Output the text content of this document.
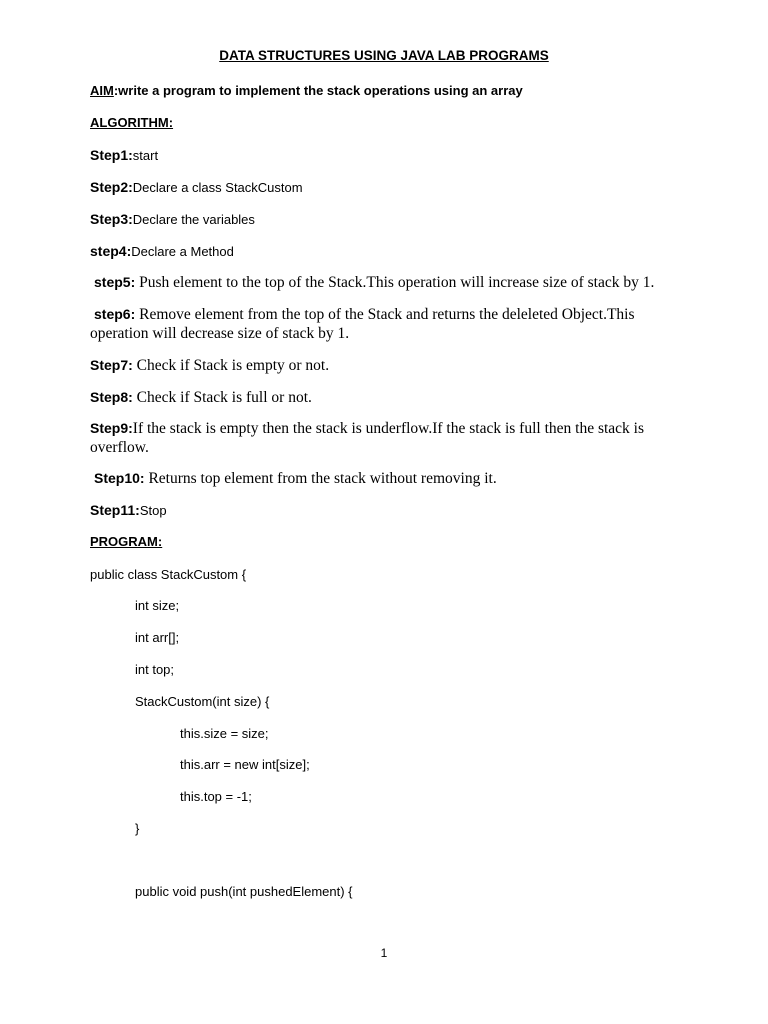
DATA STRUCTURES USING JAVA LAB PROGRAMS
AIM:write a program to implement the stack operations using an array
ALGORITHM:
Step1:start
Step2:Declare a class StackCustom
Step3:Declare the variables
step4:Declare a Method
step5: Push element to the top of the Stack.This operation will increase size of stack by 1.
step6: Remove element from the top of the Stack and returns the deleleted Object.This operation will decrease size of stack by 1.
Step7: Check if Stack is empty or not.
Step8: Check if Stack is full or not.
Step9:If the stack is empty then the stack is underflow.If the stack is full then the stack is overflow.
Step10: Returns top element from the stack without removing it.
Step11:Stop
PROGRAM:
public class StackCustom {
int size;
int arr[];
int top;
StackCustom(int size) {
this.size = size;
this.arr = new int[size];
this.top = -1;
}
public void push(int pushedElement) {
1
